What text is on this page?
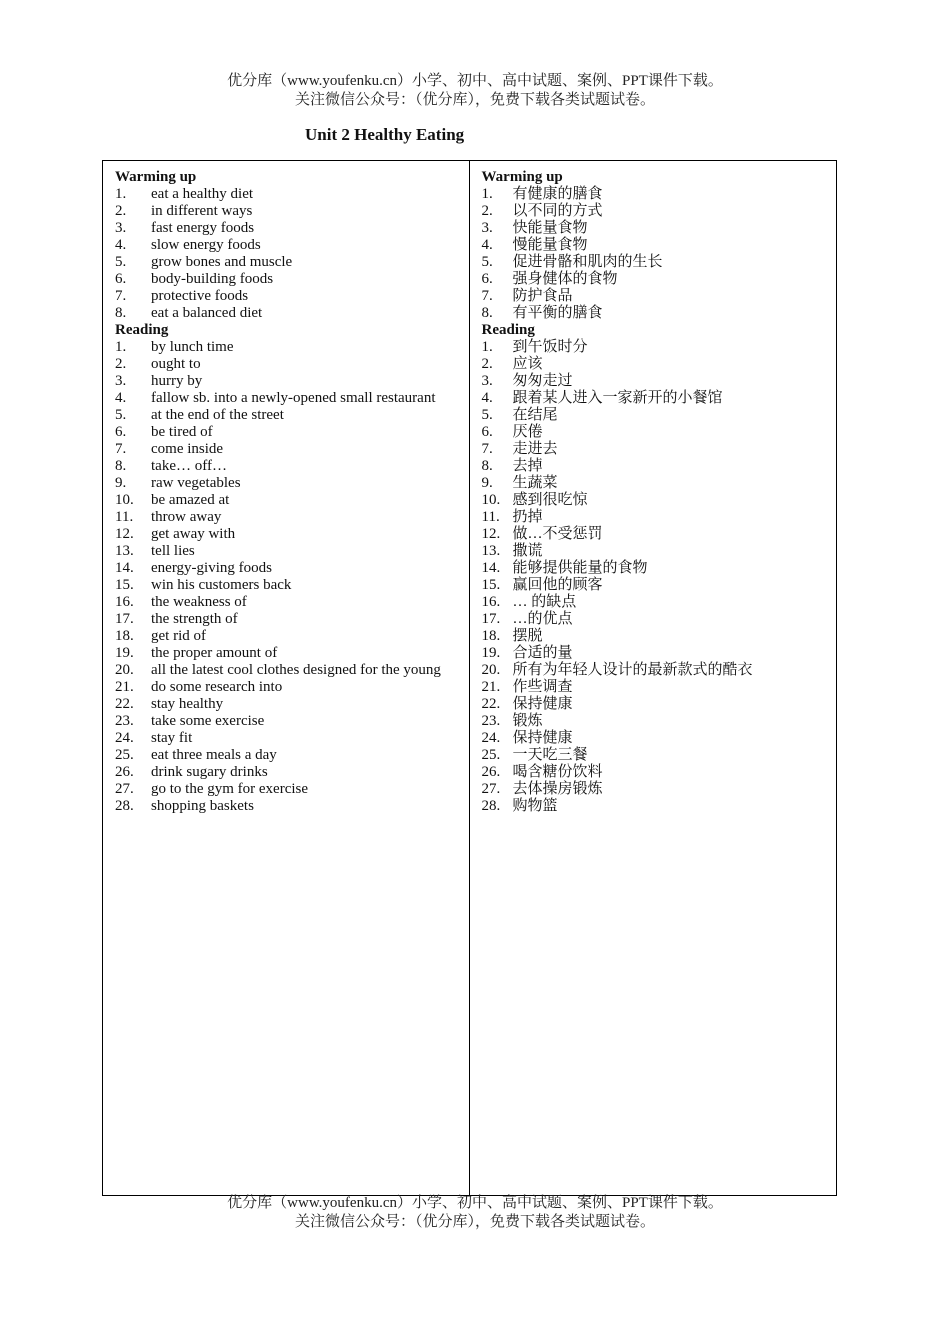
优分库（www.youfenku.cn）小学、初中、高中试题、案例、PPT课件下载。
关注微信公众号：（优分库），免费下载各类试题试卷。
Unit 2 Healthy Eating
Warming up
1.	eat a healthy diet
2.	in different ways
3.	fast energy foods
4.	slow energy foods
5.	grow bones and muscle
6.	body-building foods
7.	protective foods
8.	eat a balanced diet
Reading
1.	by lunch time
2.	ought to
3.	hurry by
4.	fallow sb. into a newly-opened small restaurant
5.	at the end of the street
6.	be tired of
7.	come inside
8.	take… off…
9.	raw vegetables
10.	be amazed at
11.	throw away
12.	get away with
13.	tell lies
14.	energy-giving foods
15.	win his customers back
16.	the weakness of
17.	the strength of
18.	get rid of
19.	the proper amount of
20.	all the latest cool clothes designed for the young
21.	do some research into
22.	stay healthy
23.	take some exercise
24.	stay fit
25.	eat three meals a day
26.	drink sugary drinks
27.	go to the gym for exercise
28.	shopping baskets
Warming up
1.	有健康的膳食
2.	以不同的方式
3.	快能量食物
4.	慢能量食物
5.	促进骨骼和肌肉的生长
6.	强身健体的食物
7.	防护食品
8.	有平衡的膳食
Reading
1.	到午饭时分
2.	应该
3.	匆匆走过
4.	跟着某人进入一家新开的小餐馆
5.	在结尾
6.	厌倦
7.	走进去
8.	去掉
9.	生蔬菜
10. 感到很吃惊
11. 扔掉
12. 做…不受惩罚
13. 撒谎
14. 能够提供能量的食物
15. 赢回他的顾客
16. … 的缺点
17. …的优点
18. 摆脱
19. 合适的量
20. 所有为年轻人设计的最新款式的酷衣
21. 作些调查
22. 保持健康
23. 锻炼
24. 保持健康
25. 一天吃三餐
26. 喝含糖份饮料
27. 去体操房锻炼
28. 购物篮
优分库（www.youfenku.cn）小学、初中、高中试题、案例、PPT课件下载。
关注微信公众号：（优分库），免费下载各类试题试卷。
